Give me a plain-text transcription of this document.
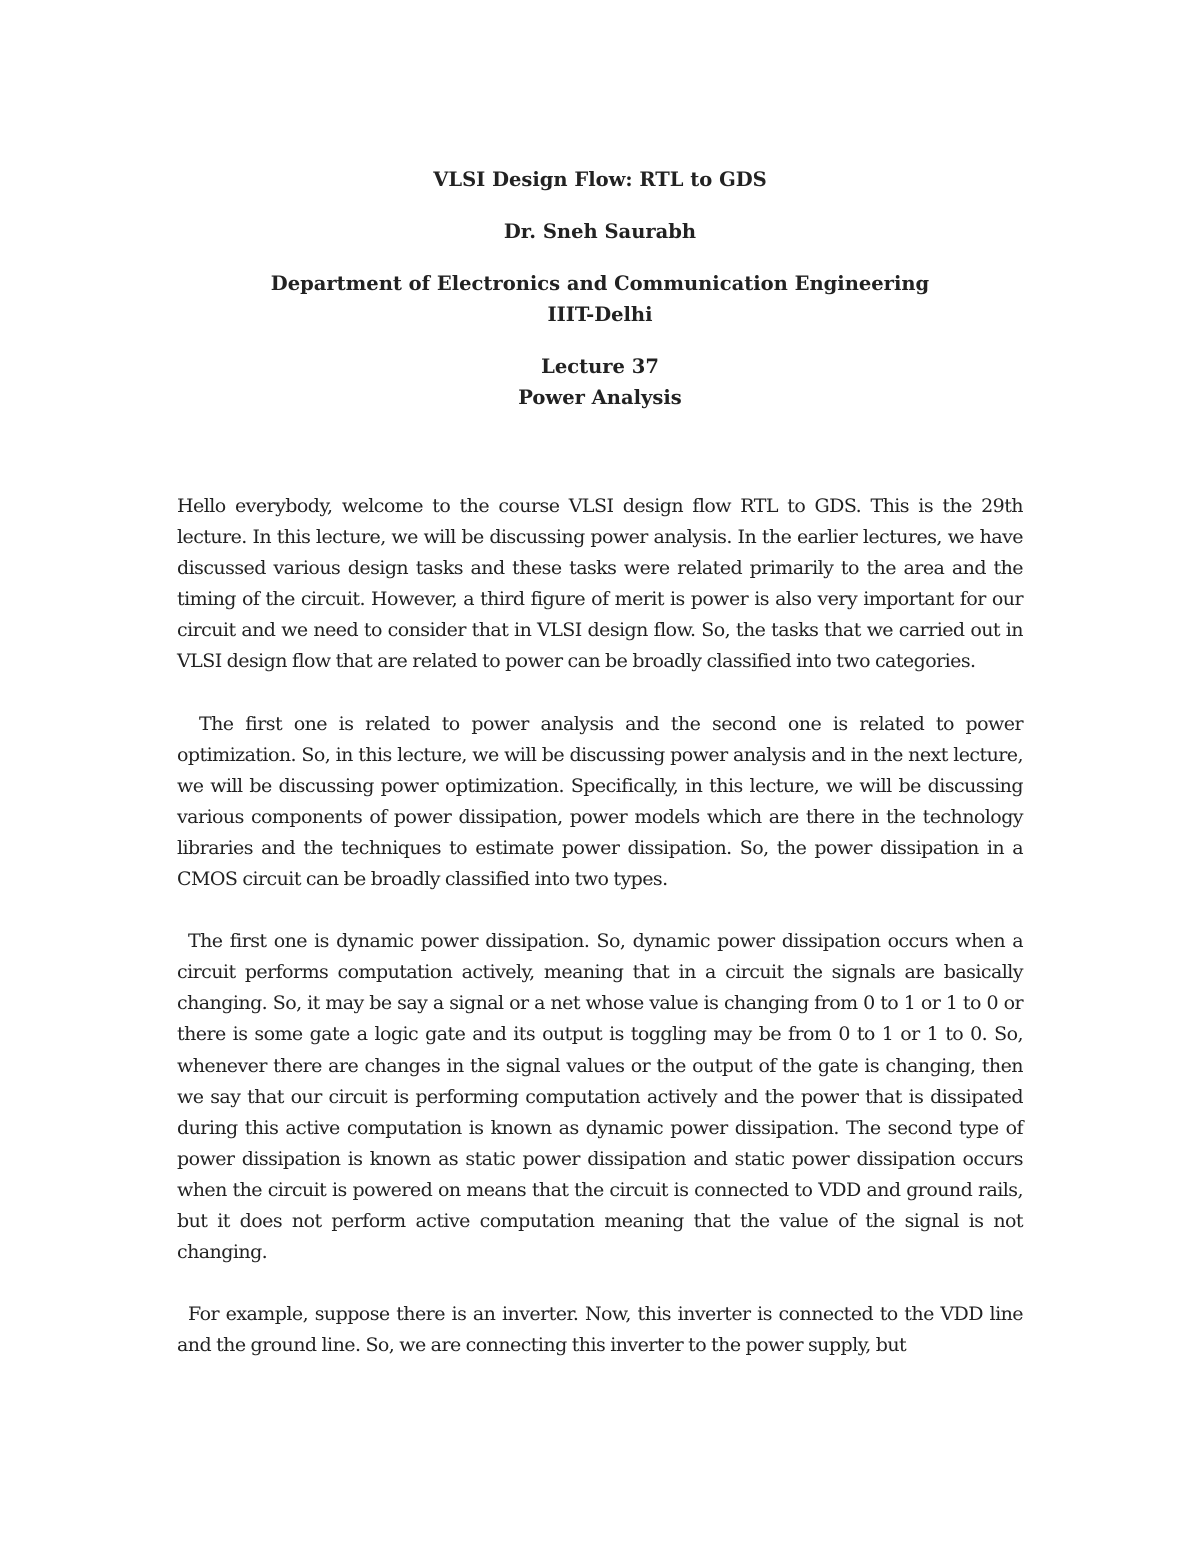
VLSI Design Flow: RTL to GDS

Dr. Sneh Saurabh

Department of Electronics and Communication Engineering

IIIT-Delhi

Lecture 37

Power Analysis

Hello everybody, welcome to the course VLSI design flow RTL to GDS. This is the 29th lecture. In this lecture, we will be discussing power analysis. In the earlier lectures, we have discussed various design tasks and these tasks were related primarily to the area and the timing of the circuit. However, a third figure of merit is power is also very important for our circuit and we need to consider that in VLSI design flow. So, the tasks that we carried out in VLSI design flow that are related to power can be broadly classified into two categories.

The first one is related to power analysis and the second one is related to power optimization. So, in this lecture, we will be discussing power analysis and in the next lecture, we will be discussing power optimization. Specifically, in this lecture, we will be discussing various components of power dissipation, power models which are there in the technology libraries and the techniques to estimate power dissipation. So, the power dissipation in a CMOS circuit can be broadly classified into two types.

The first one is dynamic power dissipation. So, dynamic power dissipation occurs when a circuit performs computation actively, meaning that in a circuit the signals are basically changing. So, it may be say a signal or a net whose value is changing from 0 to 1 or 1 to 0 or there is some gate a logic gate and its output is toggling may be from 0 to 1 or 1 to 0. So, whenever there are changes in the signal values or the output of the gate is changing, then we say that our circuit is performing computation actively and the power that is dissipated during this active computation is known as dynamic power dissipation. The second type of power dissipation is known as static power dissipation and static power dissipation occurs when the circuit is powered on means that the circuit is connected to VDD and ground rails, but it does not perform active computation meaning that the value of the signal is not changing.

For example, suppose there is an inverter. Now, this inverter is connected to the VDD line and the ground line. So, we are connecting this inverter to the power supply, but
